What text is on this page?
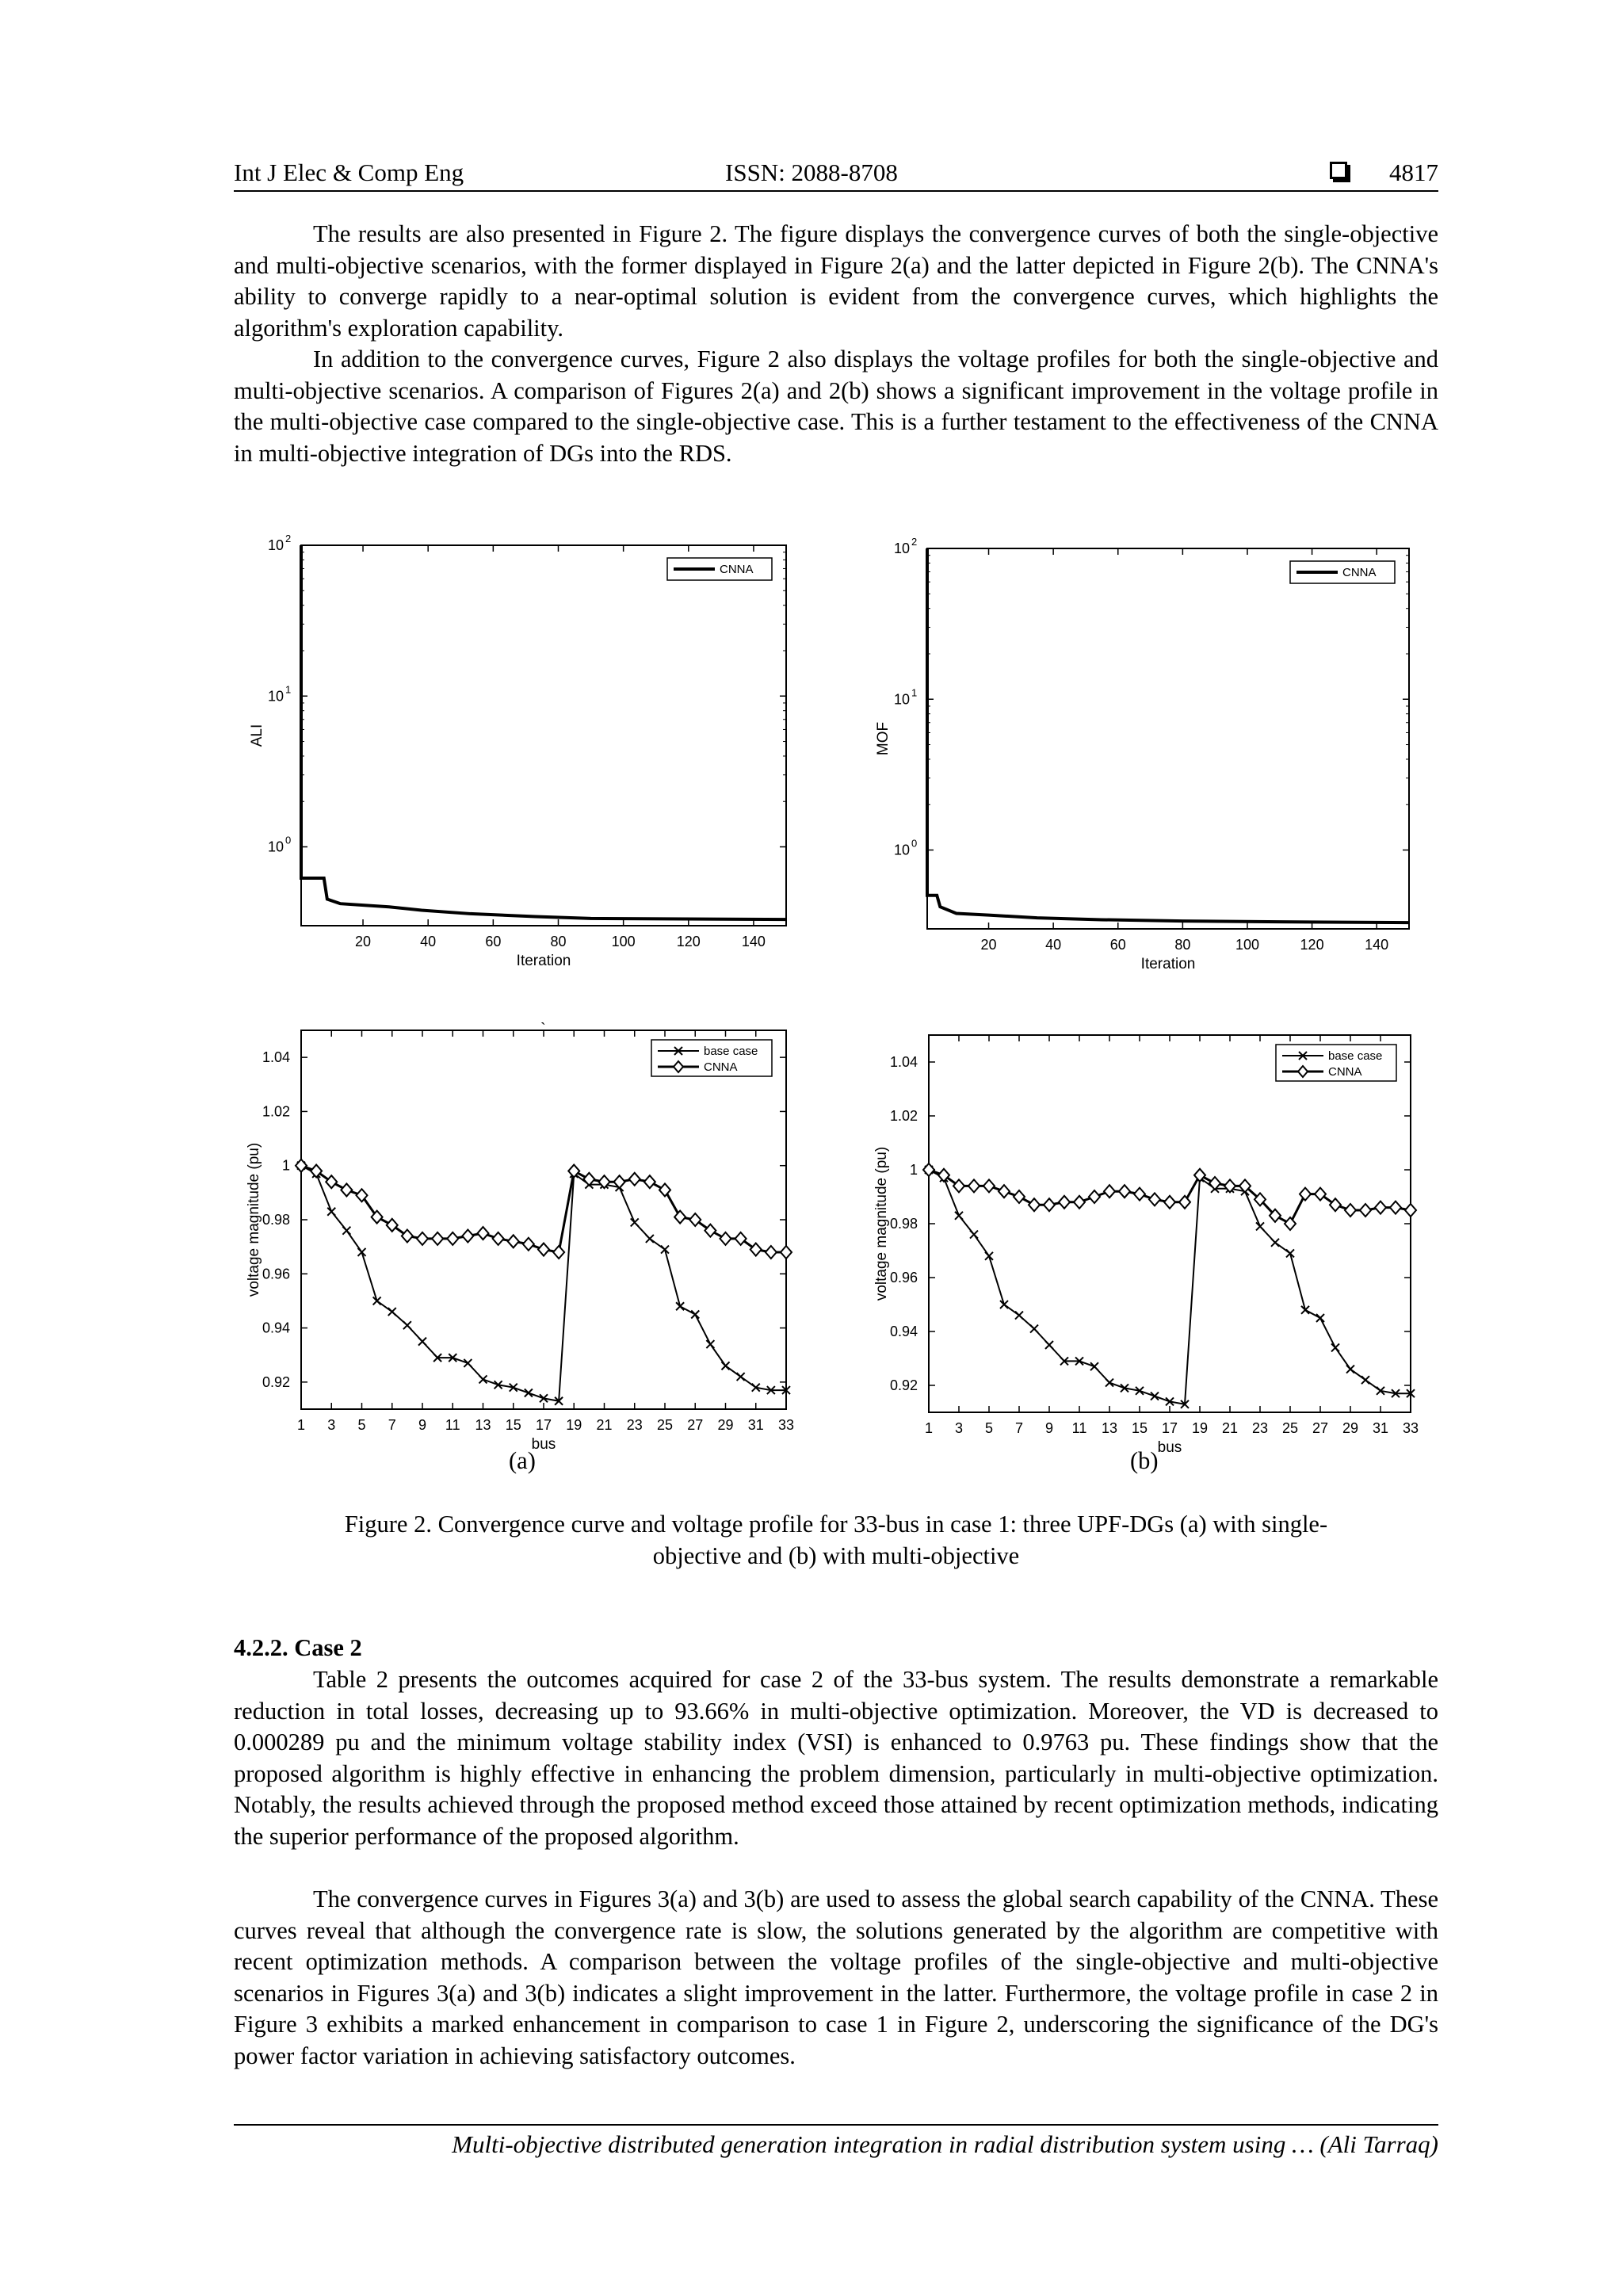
Int J Elec & Comp Eng	ISSN: 2088-8708	4817

The results are also presented in Figure 2. The figure displays the convergence curves of both the single-objective and multi-objective scenarios, with the former displayed in Figure 2(a) and the latter depicted in Figure 2(b). The CNNA's ability to converge rapidly to a near-optimal solution is evident from the convergence curves, which highlights the algorithm's exploration capability.

In addition to the convergence curves, Figure 2 also displays the voltage profiles for both the single-objective and multi-objective scenarios. A comparison of Figures 2(a) and 2(b) shows a significant improvement in the voltage profile in the multi-objective case compared to the single-objective case. This is a further testament to the effectiveness of the CNNA in multi-objective integration of DGs into the RDS.

20	40	60	80	100	120	140
10 0
10 1
10 2
Iteration
ALI
CNNA
20	40	60	80	100	120	140
10 0
10 1
10 2
Iteration
MOF
CNNA
1 3 5 7 9 11 13 15 17 19 21 23 25 27 29 31 33
0.92
0.94
0.96
0.98
1
1.02
1.04
bus
voltage magnitude (pu)
base case
CNNA
1 3 5 7 9 11 13 15 17 19 21 23 25 27 29 31 33
0.92
0.94
0.96
0.98
1
1.02
1.04
bus
voltage magnitude (pu)
base case
CNNA
`
(a)	(b)
Figure 2. Convergence curve and voltage profile for 33-bus in case 1: three UPF-DGs (a) with single-
objective and (b) with multi-objective
4.2.2. Case 2

Table 2 presents the outcomes acquired for case 2 of the 33-bus system. The results demonstrate a remarkable reduction in total losses, decreasing up to 93.66% in multi-objective optimization. Moreover, the VD is decreased to 0.000289 pu and the minimum voltage stability index (VSI) is enhanced to 0.9763 pu. These findings show that the proposed algorithm is highly effective in enhancing the problem dimension, particularly in multi-objective optimization. Notably, the results achieved through the proposed method exceed those attained by recent optimization methods, indicating the superior performance of the proposed algorithm.

The convergence curves in Figures 3(a) and 3(b) are used to assess the global search capability of the CNNA. These curves reveal that although the convergence rate is slow, the solutions generated by the algorithm are competitive with recent optimization methods. A comparison between the voltage profiles of the single-objective and multi-objective scenarios in Figures 3(a) and 3(b) indicates a slight improvement in the latter. Furthermore, the voltage profile in case 2 in Figure 3 exhibits a marked enhancement in comparison to case 1 in Figure 2, underscoring the significance of the DG's power factor variation in achieving satisfactory outcomes.

Multi-objective distributed generation integration in radial distribution system using … (Ali Tarraq)
